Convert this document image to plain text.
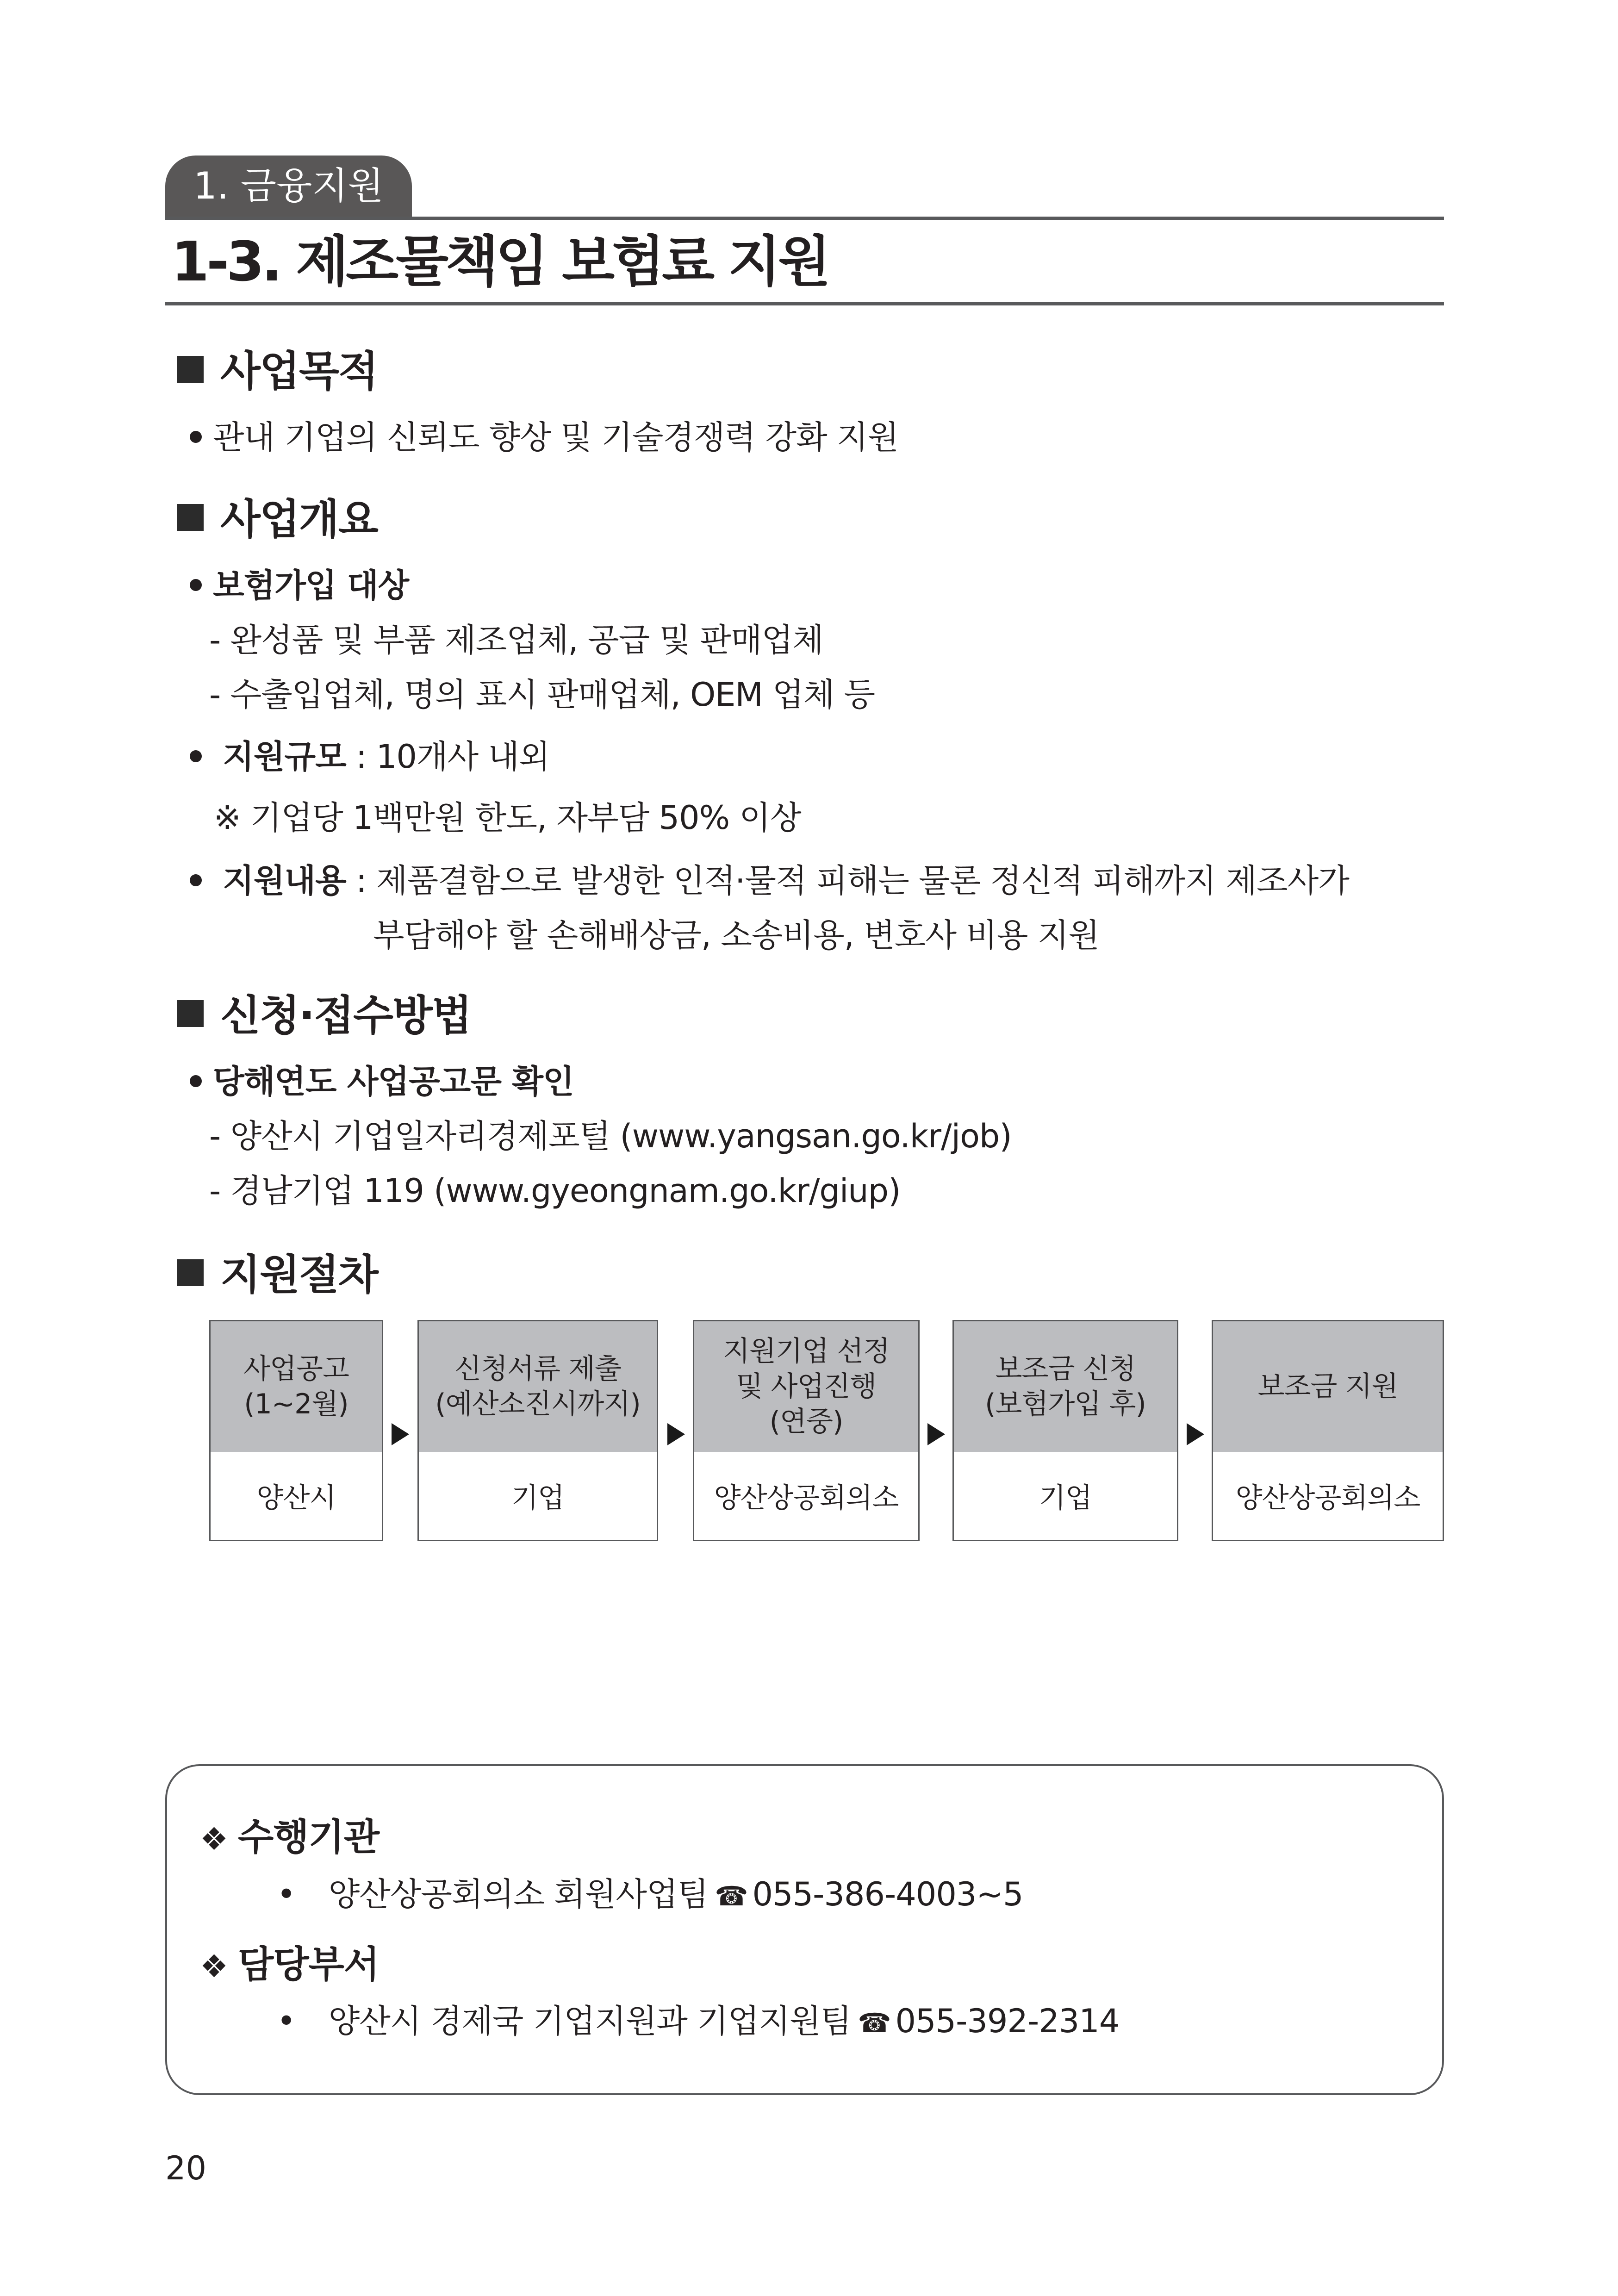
1. 금융지원
1-3. 제조물책임 보험료 지원
사업목적
관내 기업의 신뢰도 향상 및 기술경쟁력 강화 지원
사업개요
보험가입 대상
- 완성품 및 부품 제조업체, 공급 및 판매업체
- 수출입업체, 명의 표시 판매업체, OEM 업체 등
지원규모 : 10개사 내외
※ 기업당 1백만원 한도, 자부담 50% 이상
지원내용 : 제품결함으로 발생한 인적·물적 피해는 물론 정신적 피해까지 제조사가
부담해야 할 손해배상금, 소송비용, 변호사 비용 지원
신청·접수방법
당해연도 사업공고문 확인
- 양산시 기업일자리경제포털 (www.yangsan.go.kr/job)
- 경남기업 119 (www.gyeongnam.go.kr/giup)
지원절차
사업공고
(1~2월)
양산시
신청서류 제출
(예산소진시까지)
기업
지원기업 선정
및 사업진행
(연중)
양산상공회의소
보조금 신청
(보험가입 후)
기업
보조금 지원
양산상공회의소
❖ 수행기관
• 양산상공회의소 회원사업팀 ☎ 055-386-4003~5
❖ 담당부서
• 양산시 경제국 기업지원과 기업지원팀 ☎ 055-392-2314
20
